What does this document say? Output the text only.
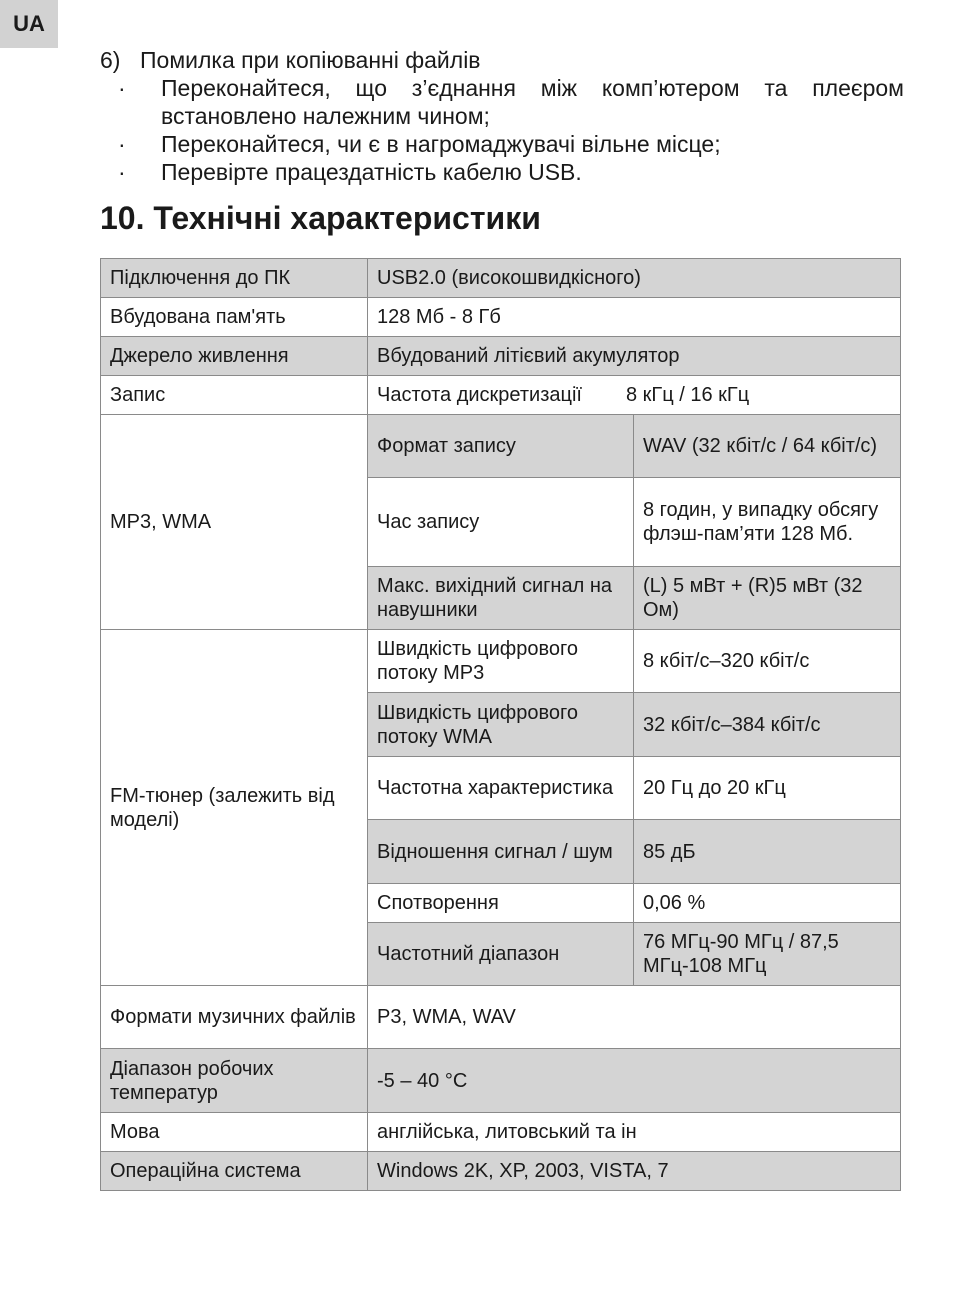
UA
6) Помилка при копіюванні файлів
·	Переконайтеся, що з’єднання між комп’ютером та плеєром встановлено належним чином;
·	Переконайтеся, чи є в нагромаджувачі вільне місце;
·	Перевірте працездатність кабелю USB.
10. Технічні характеристики
Підключення до ПК	USB2.0 (високошвидкісного)	
Вбудована пам'ять	128 Мб - 8 Гб	
Джерело живлення	Вбудований літієвий акумулятор	
Запис	Частота дискретизації 8 кГц / 16 кГц	
MP3, WMA	Формат запису	WAV (32 кбіт/с / 64 кбіт/с)
	Час запису	8 годин, у випадку обсягу флэш-пам’яти 128 Мб.
	Макс. вихідний сигнал на навушники	(L) 5 мВт + (R)5 мВт (32 Ом)
FM-тюнер (залежить від моделі)	Швидкість цифрового потоку MP3	8 кбіт/с–320 кбіт/с
	Швидкість цифрового потоку WMA	32 кбіт/с–384 кбіт/с
	Частотна характеристика	20 Гц до 20 кГц
	Відношення сигнал / шум	85 дБ
	Спотворення	0,06 %
	Частотний діапазон	76 МГц-90 МГц / 87,5 МГц-108 МГц
Формати музичних файлів	P3, WMA, WAV	
Діапазон робочих температур	-5 – 40 °C	
Мова	англійська, литовський та ін	
Операційна система	Windows 2K, XP, 2003, VISTA, 7	
